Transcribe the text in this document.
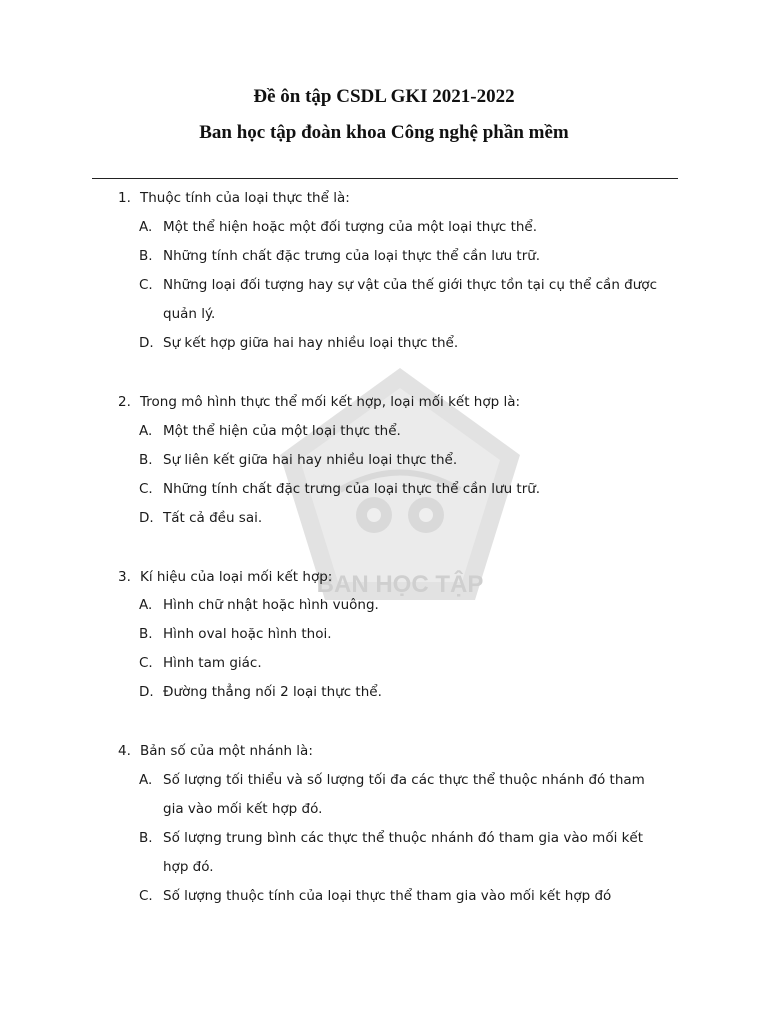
Đề ôn tập CSDL GKI 2021-2022
Ban học tập đoàn khoa Công nghệ phần mềm
BAN HỌC TẬP
1. Thuộc tính của loại thực thể là:
A. Một thể hiện hoặc một đối tượng của một loại thực thể.
B. Những tính chất đặc trưng của loại thực thể cần lưu trữ.
C. Những loại đối tượng hay sự vật của thế giới thực tồn tại cụ thể cần được quản lý.
D. Sự kết hợp giữa hai hay nhiều loại thực thể.
2. Trong mô hình thực thể mối kết hợp, loại mối kết hợp là:
A. Một thể hiện của một loại thực thể.
B. Sự liên kết giữa hai hay nhiều loại thực thể.
C. Những tính chất đặc trưng của loại thực thể cần lưu trữ.
D. Tất cả đều sai.
3. Kí hiệu của loại mối kết hợp:
A. Hình chữ nhật hoặc hình vuông.
B. Hình oval hoặc hình thoi.
C. Hình tam giác.
D. Đường thẳng nối 2 loại thực thể.
4. Bản số của một nhánh là:
A. Số lượng tối thiểu và số lượng tối đa các thực thể thuộc nhánh đó tham gia vào mối kết hợp đó.
B. Số lượng trung bình các thực thể thuộc nhánh đó tham gia vào mối kết hợp đó.
C. Số lượng thuộc tính của loại thực thể tham gia vào mối kết hợp đó
